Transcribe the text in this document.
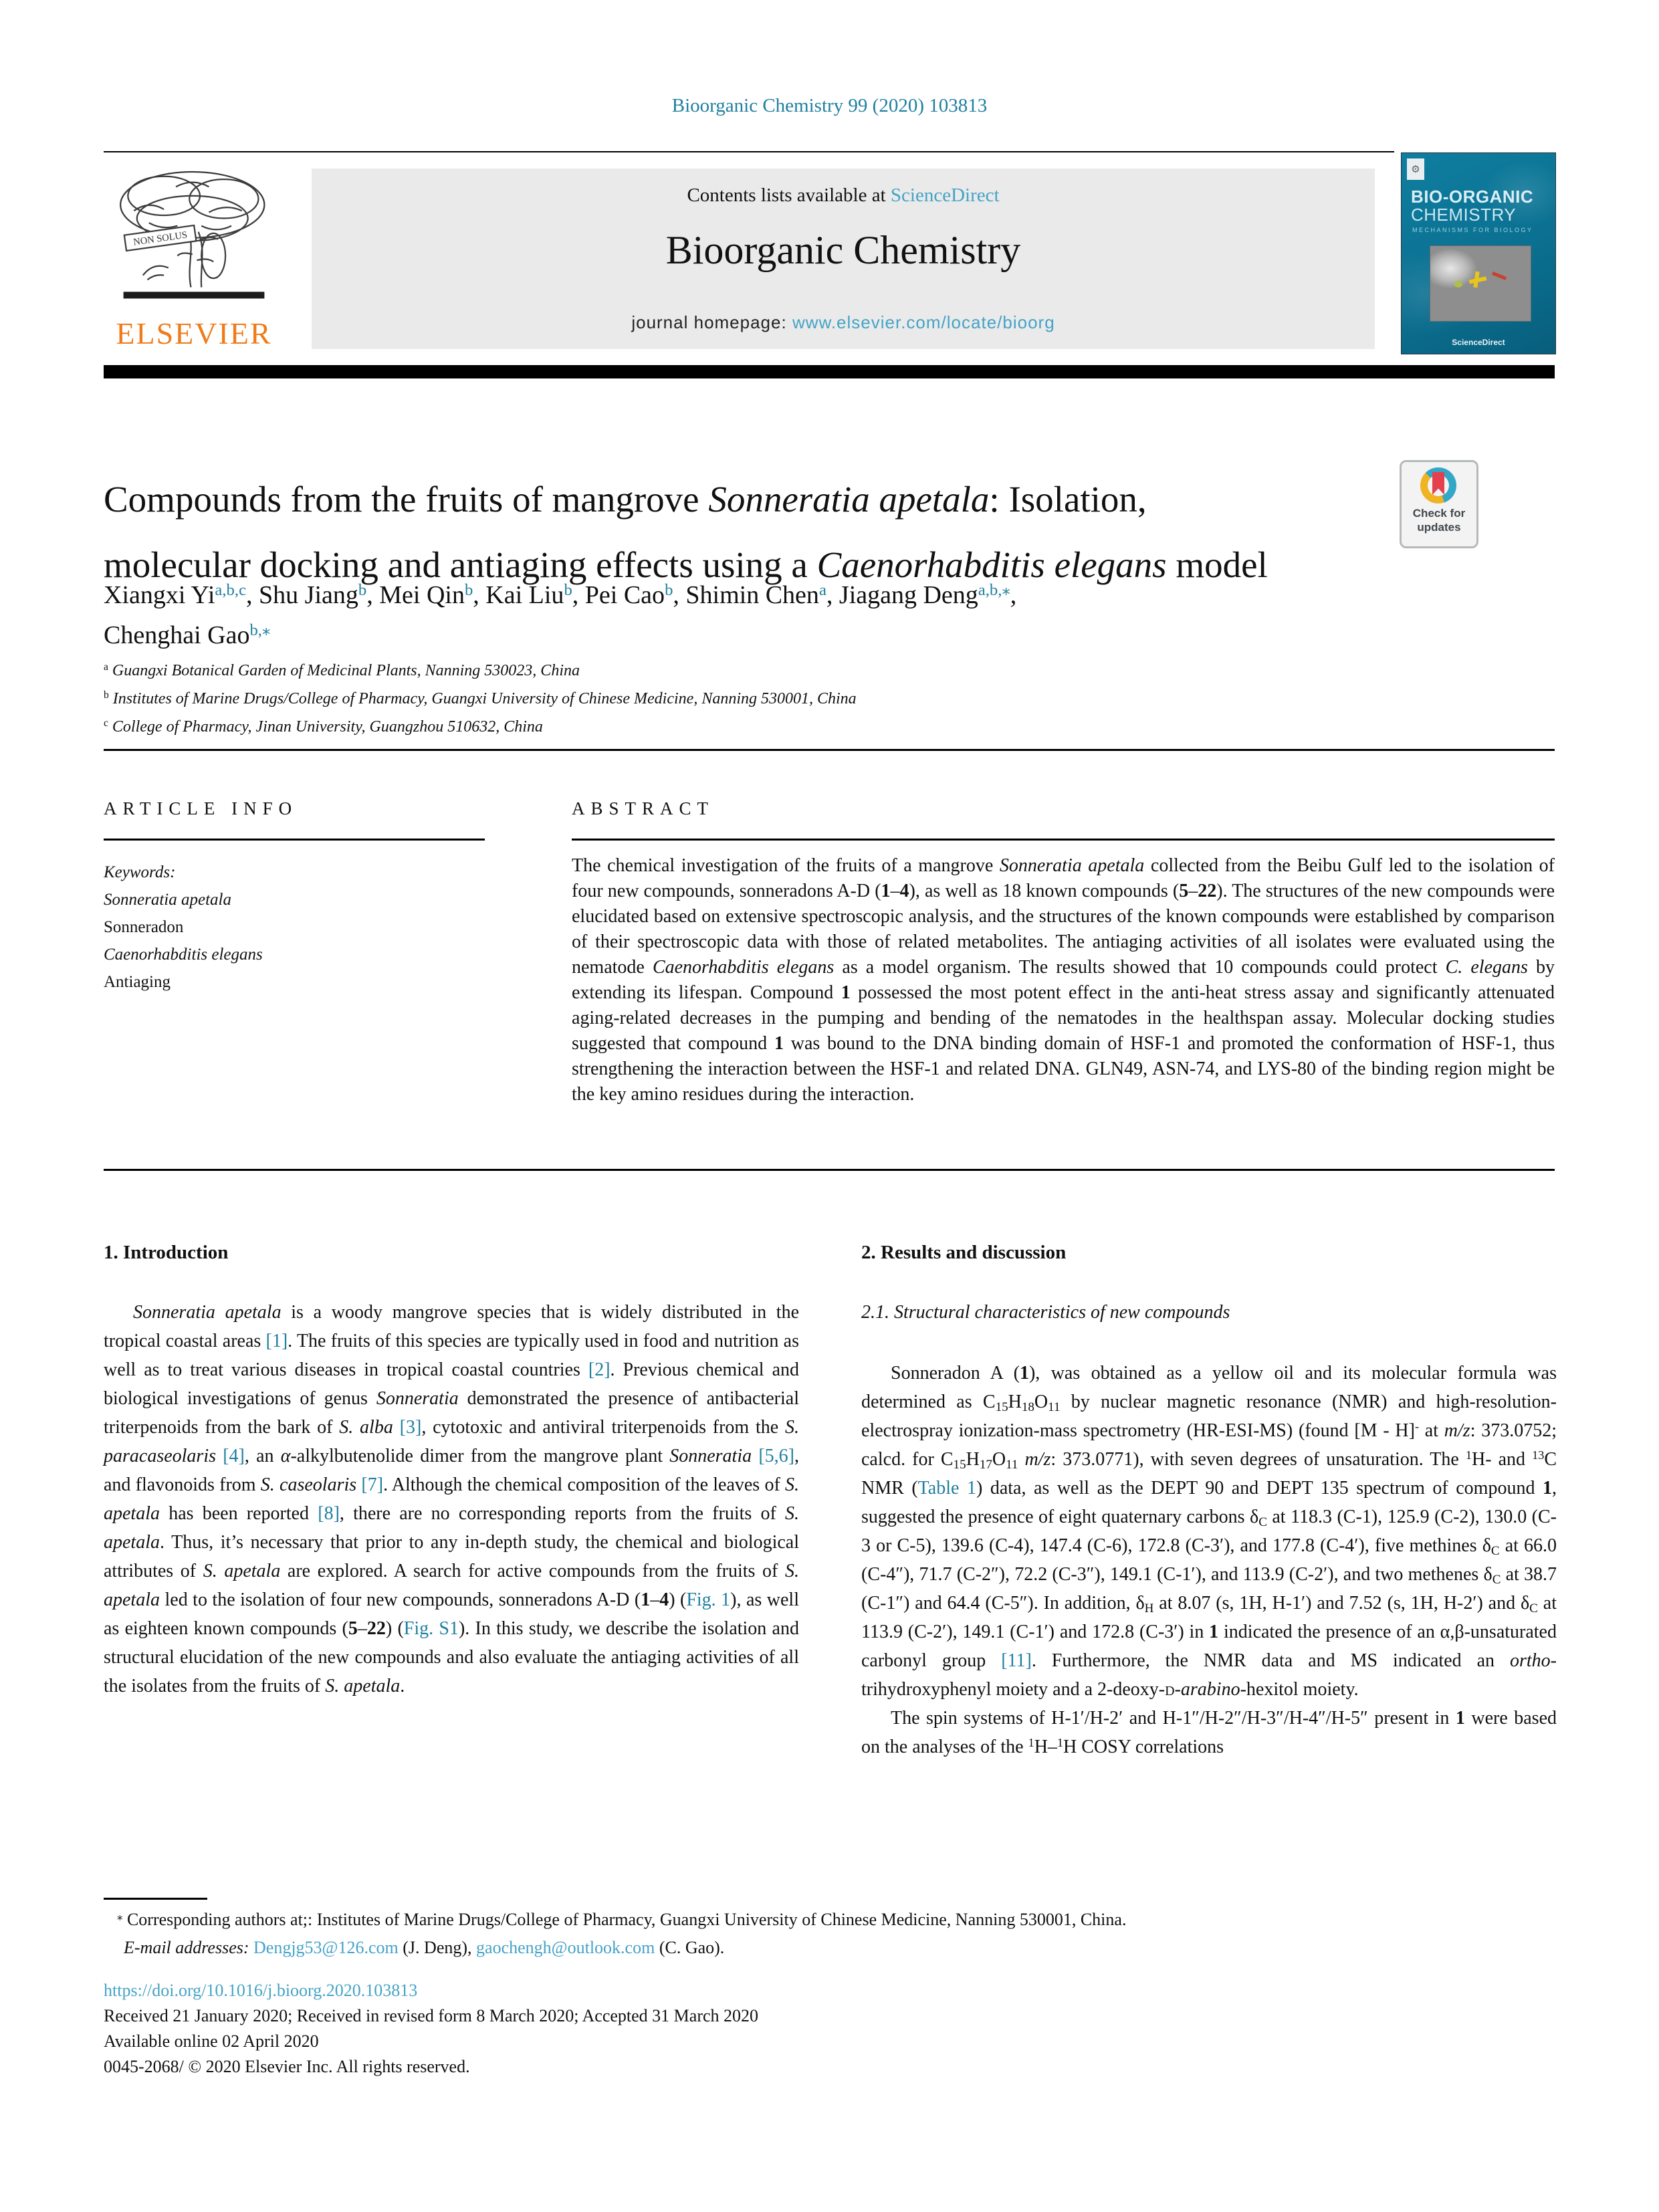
Bioorganic Chemistry 99 (2020) 103813
NON SOLUS
ELSEVIER
Contents lists available at ScienceDirect
Bioorganic Chemistry
journal homepage: www.elsevier.com/locate/bioorg
⚙
BIO-ORGANIC
CHEMISTRY
MECHANISMS FOR BIOLOGY
ScienceDirect
Compounds from the fruits of mangrove Sonneratia apetala: Isolation,
molecular docking and antiaging effects using a Caenorhabditis elegans model
Check for
updates
Xiangxi Yi$^{a,b,c}$, Shu Jiang$^b$, Mei Qin$^b$, Kai Liu$^b$, Pei Cao$^b$, Shimin Chen$^a$, Jiagang Deng$^{a,b,⁎}$,
Chenghai Gao$^{b,⁎}$
$^a$ Guangxi Botanical Garden of Medicinal Plants, Nanning 530023, China
$^b$ Institutes of Marine Drugs/College of Pharmacy, Guangxi University of Chinese Medicine, Nanning 530001, China
$^c$ College of Pharmacy, Jinan University, Guangzhou 510632, China
ARTICLE INFO	ABSTRACT
Keywords:
Sonneratia apetala
Sonneradon
Caenorhabditis elegans
Antiaging
The chemical investigation of the fruits of a mangrove Sonneratia apetala collected from the Beibu Gulf led to the isolation of four new compounds, sonneradons A-D (1–4), as well as 18 known compounds (5–22). The structures of the new compounds were elucidated based on extensive spectroscopic analysis, and the structures of the known compounds were established by comparison of their spectroscopic data with those of related metabolites. The antiaging activities of all isolates were evaluated using the nematode Caenorhabditis elegans as a model organism. The results showed that 10 compounds could protect C. elegans by extending its lifespan. Compound 1 possessed the most potent effect in the anti-heat stress assay and significantly attenuated aging-related decreases in the pumping and bending of the nematodes in the healthspan assay. Molecular docking studies suggested that compound 1 was bound to the DNA binding domain of HSF-1 and promoted the conformation of HSF-1, thus strengthening the interaction between the HSF-1 and related DNA. GLN49, ASN-74, and LYS-80 of the binding region might be the key amino residues during the interaction.
1. Introduction

Sonneratia apetala is a woody mangrove species that is widely distributed in the tropical coastal areas [1]. The fruits of this species are typically used in food and nutrition as well as to treat various diseases in tropical coastal countries [2]. Previous chemical and biological investigations of genus Sonneratia demonstrated the presence of antibacterial triterpenoids from the bark of S. alba [3], cytotoxic and antiviral triterpenoids from the S. paracaseolaris [4], an α-alkylbutenolide dimer from the mangrove plant Sonneratia [5,6], and flavonoids from S. caseolaris [7]. Although the chemical composition of the leaves of S. apetala has been reported [8], there are no corresponding reports from the fruits of S. apetala. Thus, it’s necessary that prior to any in-depth study, the chemical and biological attributes of S. apetala are explored. A search for active compounds from the fruits of S. apetala led to the isolation of four new compounds, sonneradons A-D (1–4) (Fig. 1), as well as eighteen known compounds (5–22) (Fig. S1). In this study, we describe the isolation and structural elucidation of the new compounds and also evaluate the antiaging activities of all the isolates from the fruits of S. apetala.

2. Results and discussion
2.1. Structural characteristics of new compounds

Sonneradon A (1), was obtained as a yellow oil and its molecular formula was determined as C15H18O11 by nuclear magnetic resonance (NMR) and high-resolution-electrospray ionization-mass spectrometry (HR-ESI-MS) (found [M - H]- at m/z: 373.0752; calcd. for C15H17O11 m/z: 373.0771), with seven degrees of unsaturation. The $^1$H- and $^{13}$C NMR (Table 1) data, as well as the DEPT 90 and DEPT 135 spectrum of compound 1, suggested the presence of eight quaternary carbons δC at 118.3 (C-1), 125.9 (C-2), 130.0 (C-3 or C-5), 139.6 (C-4), 147.4 (C-6), 172.8 (C-3′), and 177.8 (C-4′), five methines δC at 66.0 (C-4″), 71.7 (C-2″), 72.2 (C-3″), 149.1 (C-1′), and 113.9 (C-2′), and two methenes δC at 38.7 (C-1″) and 64.4 (C-5″). In addition, δH at 8.07 (s, 1H, H-1′) and 7.52 (s, 1H, H-2′) and δC at 113.9 (C-2′), 149.1 (C-1′) and 172.8 (C-3′) in 1 indicated the presence of an α,β-unsaturated carbonyl group [11]. Furthermore, the NMR data and MS indicated an ortho-trihydroxyphenyl moiety and a 2-deoxy-d-arabino-hexitol moiety.

The spin systems of H-1′/H-2′ and H-1″/H-2″/H-3″/H-4″/H-5″ present in 1 were based on the analyses of the $^1$H–$^1$H COSY correlations

⁎ Corresponding authors at;: Institutes of Marine Drugs/College of Pharmacy, Guangxi University of Chinese Medicine, Nanning 530001, China.
E-mail addresses: Dengjg53@126.com (J. Deng), gaochengh@outlook.com (C. Gao).
https://doi.org/10.1016/j.bioorg.2020.103813
Received 21 January 2020; Received in revised form 8 March 2020; Accepted 31 March 2020
Available online 02 April 2020
0045-2068/ © 2020 Elsevier Inc. All rights reserved.
